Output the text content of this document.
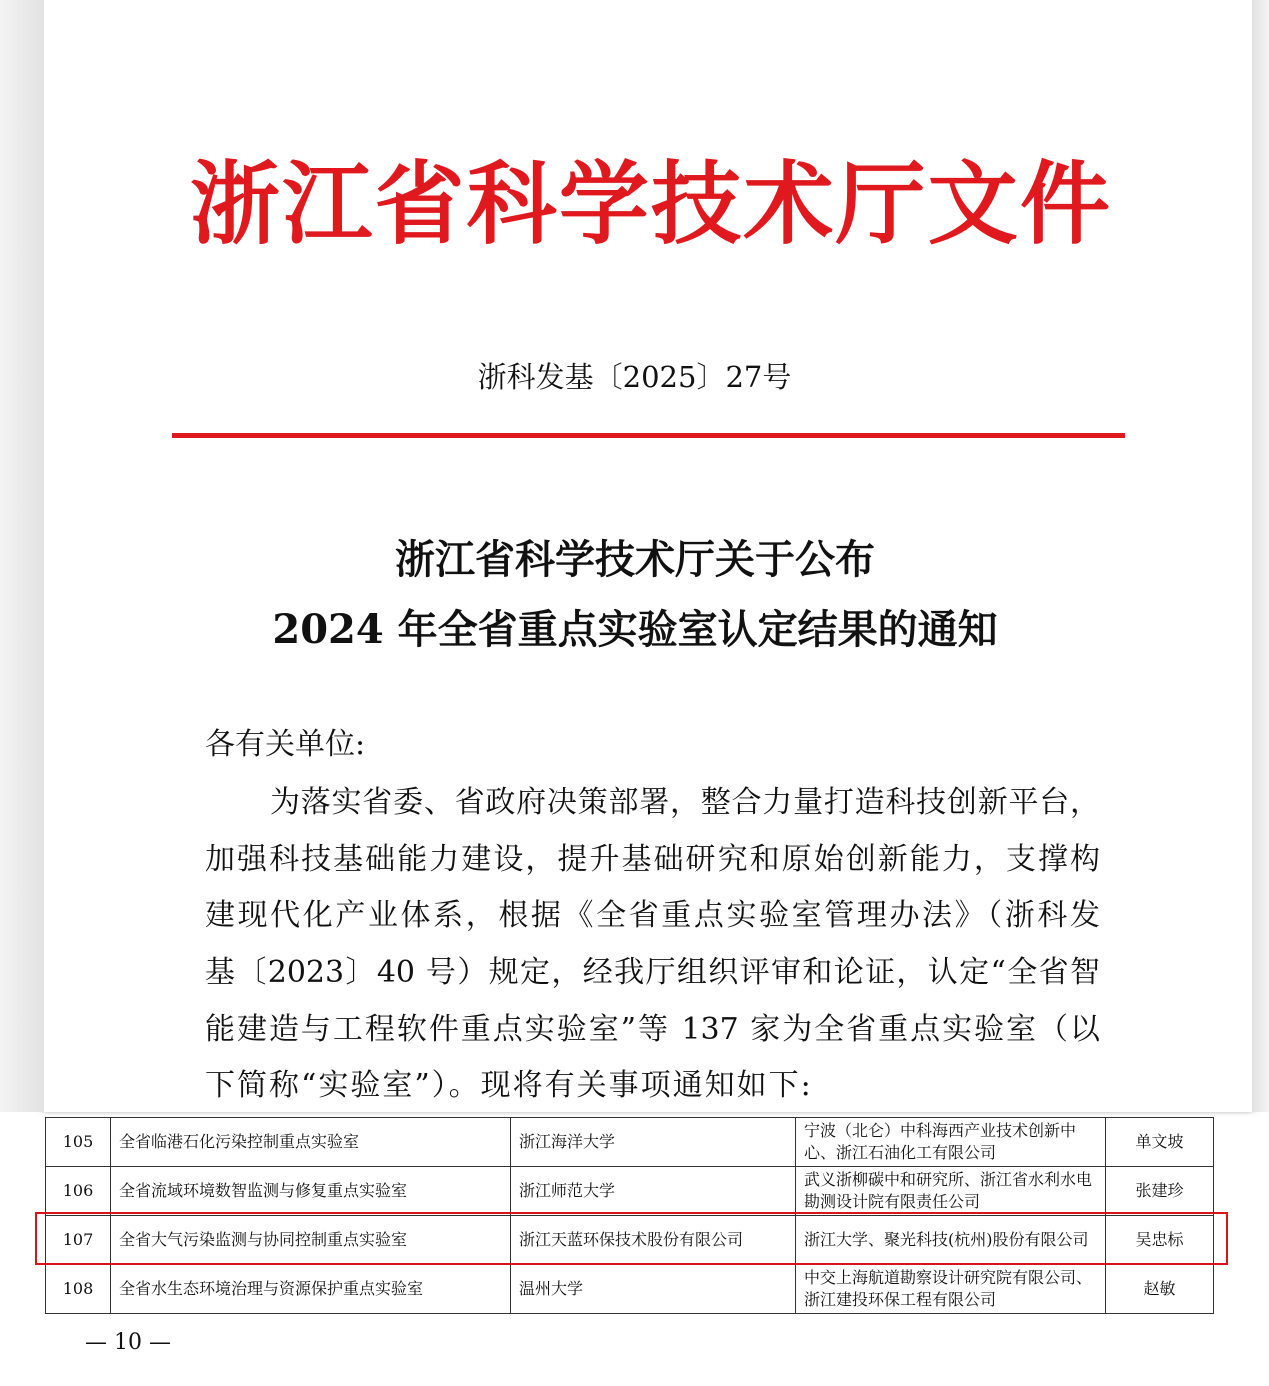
浙江省科学技术厅文件
浙科发基〔2025〕27号
浙江省科学技术厅关于公布
2024 年全省重点实验室认定结果的通知
各有关单位:
为落实省委、省政府决策部署，整合力量打造科技创新平台，
加强科技基础能力建设，提升基础研究和原始创新能力，支撑构
建现代化产业体系，根据《全省重点实验室管理办法》（浙科发
基〔2023〕40 号）规定，经我厅组织评审和论证，认定“全省智
能建造与工程软件重点实验室”等 137 家为全省重点实验室（以
下简称“实验室”）。现将有关事项通知如下:
105	全省临港石化污染控制重点实验室	浙江海洋大学	宁波（北仑）中科海西产业技术创新中心、浙江石油化工有限公司	单文坡
106	全省流域环境数智监测与修复重点实验室	浙江师范大学	武义浙柳碳中和研究所、浙江省水利水电勘测设计院有限责任公司	张建珍
107	全省大气污染监测与协同控制重点实验室	浙江天蓝环保技术股份有限公司	浙江大学、聚光科技(杭州)股份有限公司	吴忠标
108	全省水生态环境治理与资源保护重点实验室	温州大学	中交上海航道勘察设计研究院有限公司、浙江建投环保工程有限公司	赵敏
— 10 —
